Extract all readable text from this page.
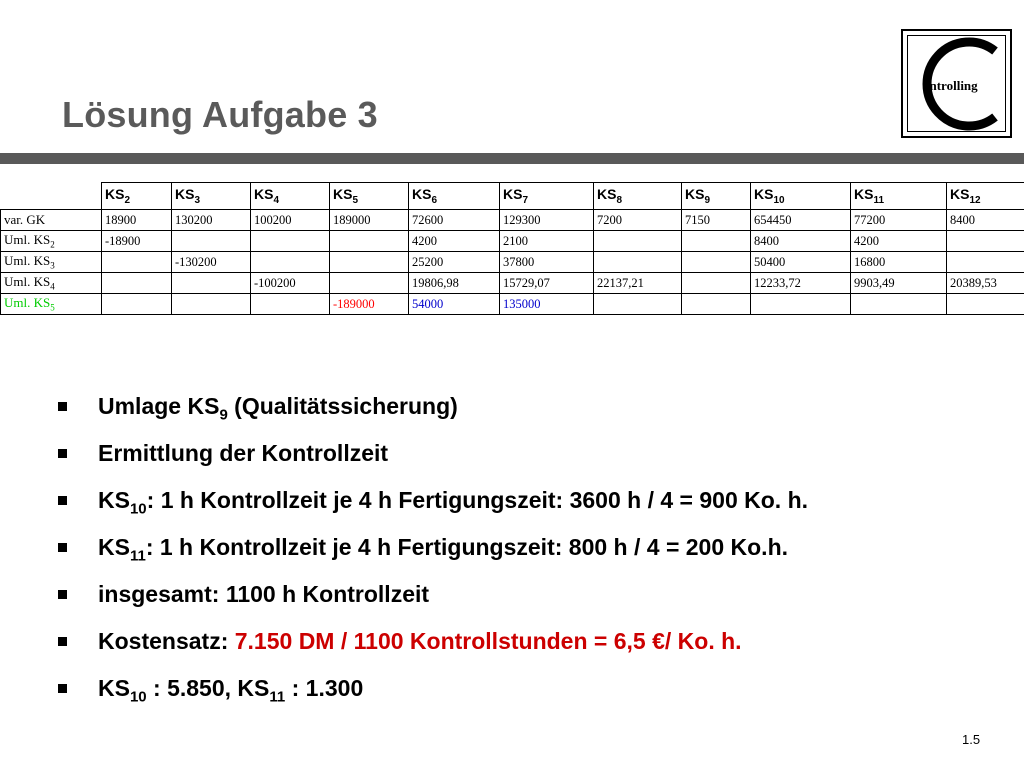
Lösung Aufgabe 3
ontrolling
	$KS_2$	$KS_3$	$KS_4$	$KS_5$	$KS_6$	$KS_7$	$KS_8$	$KS_9$	$KS_{10}$	$KS_{11}$	$KS_{12}$
var. GK	18900	130200	100200	189000	72600	129300	7200	7150	654450	77200	8400
Uml. $KS_2$	-18900				4200	2100			8400	4200	
Uml. $KS_3$		-130200			25200	37800			50400	16800	
Uml. $KS_4$			-100200		19806,98	15729,07	22137,21		12233,72	9903,49	20389,53
Uml. $KS_5$				-189000	54000	135000					
Umlage $KS_9$ (Qualitätssicherung)
Ermittlung der Kontrollzeit
$KS_{10}$: 1 h Kontrollzeit je 4 h Fertigungszeit: 3600 h / 4 = 900 Ko. h.
$KS_{11}$: 1 h Kontrollzeit je 4 h Fertigungszeit: 800 h / 4 = 200 Ko.h.
insgesamt: 1100 h Kontrollzeit
Kostensatz: 7.150 DM / 1100 Kontrollstunden = 6,5 €/ Ko. h.
$KS_{10}$ : 5.850, $KS_{11}$ : 1.300
1.5
